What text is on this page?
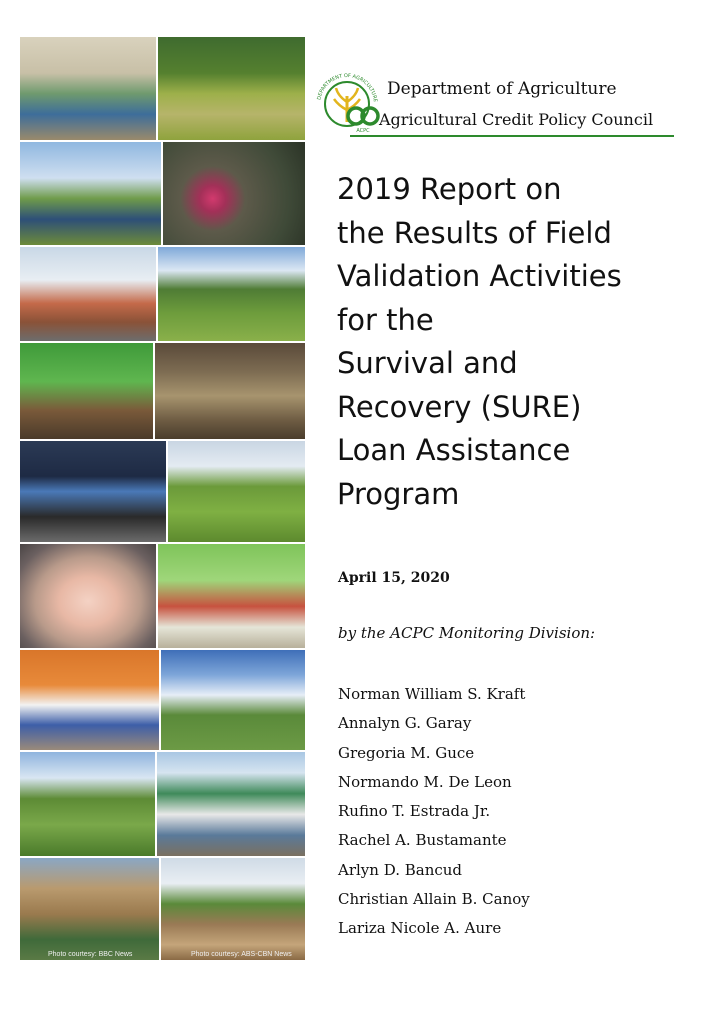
Photo courtesy: BBC News	Photo courtesy: ABS-CBN News
DEPARTMENT OF AGRICULTURE
ACPC
Department of Agriculture
Agricultural Credit Policy Council
2019 Report on
the Results of Field
Validation Activities
for the
Survival and
Recovery (SURE)
Loan Assistance
Program
April 15, 2020
by the ACPC Monitoring Division:
Norman William S. Kraft
Annalyn G. Garay
Gregoria M. Guce
Normando M. De Leon
Rufino T. Estrada Jr.
Rachel A. Bustamante
Arlyn D. Bancud
Christian Allain B. Canoy
Lariza Nicole A. Aure
